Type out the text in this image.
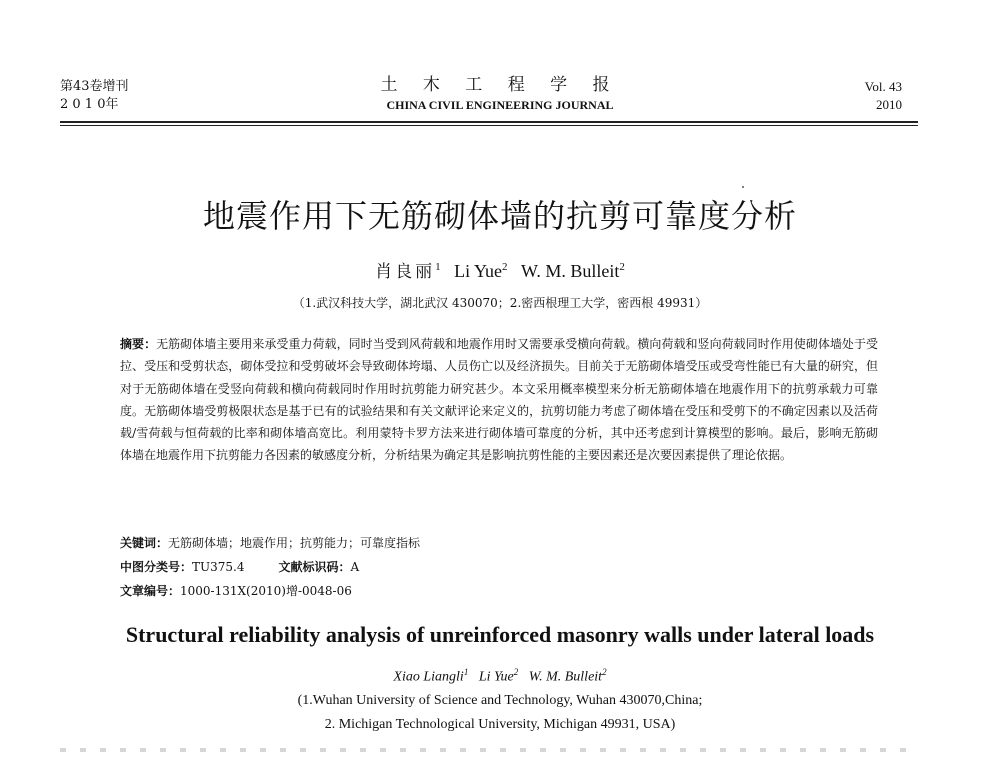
第43卷增刊
2 0 1 0年
土 木 工 程 学 报
CHINA CIVIL ENGINEERING JOURNAL
Vol. 43
2010
地震作用下无筋砌体墙的抗剪可靠度分析
肖良丽$^1$ Li Yue$^2$ W. M. Bulleit$^2$
（1.武汉科技大学，湖北武汉 430070；2.密西根理工大学，密西根 49931）
摘要：无筋砌体墙主要用来承受重力荷载，同时当受到风荷载和地震作用时又需要承受横向荷载。横向荷载和竖向荷载同时作用使砌体墙处于受拉、受压和受剪状态，砌体受拉和受剪破坏会导致砌体垮塌、人员伤亡以及经济损失。目前关于无筋砌体墙受压或受弯性能已有大量的研究，但对于无筋砌体墙在受竖向荷载和横向荷载同时作用时抗剪能力研究甚少。本文采用概率模型来分析无筋砌体墙在地震作用下的抗剪承载力可靠度。无筋砌体墙受剪极限状态是基于已有的试验结果和有关文献评论来定义的，抗剪切能力考虑了砌体墙在受压和受剪下的不确定因素以及活荷载/雪荷载与恒荷载的比率和砌体墙高宽比。利用蒙特卡罗方法来进行砌体墙可靠度的分析，其中还考虑到计算模型的影响。最后，影响无筋砌体墙在地震作用下抗剪能力各因素的敏感度分析，分析结果为确定其是影响抗剪性能的主要因素还是次要因素提供了理论依据。
关键词：无筋砌体墙；地震作用；抗剪能力；可靠度指标
中图分类号：TU375.4	文献标识码：A
文章编号：1000-131X(2010)增-0048-06
Structural reliability analysis of unreinforced masonry walls under lateral loads
Xiao Liangli$^1$ Li Yue$^2$ W. M. Bulleit$^2$
(1.Wuhan University of Science and Technology, Wuhan 430070,China;
2. Michigan Technological University, Michigan 49931, USA)
